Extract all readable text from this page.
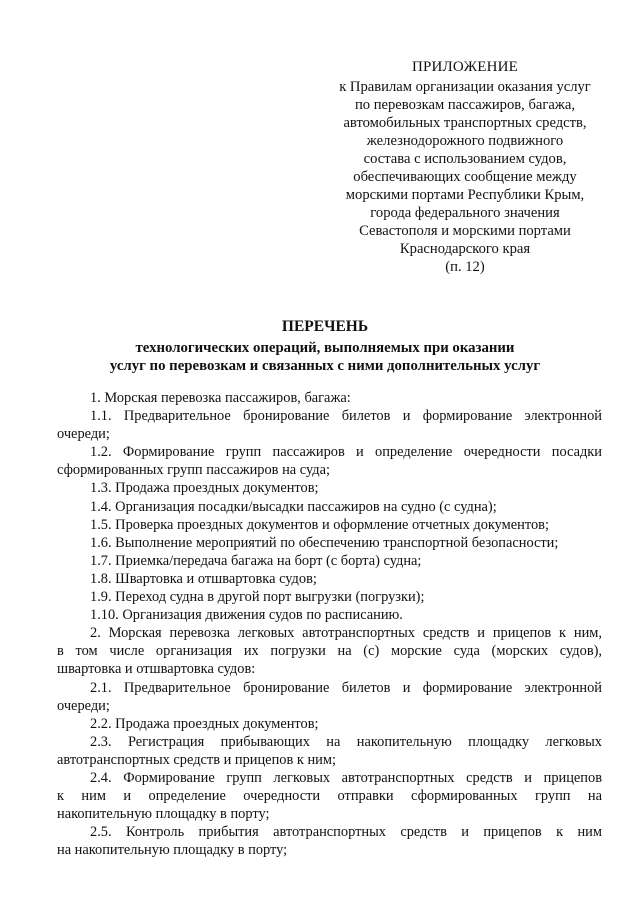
ПРИЛОЖЕНИЕ
к Правилам организации оказания услуг
по перевозкам пассажиров, багажа,
автомобильных транспортных средств,
железнодорожного подвижного
состава с использованием судов,
обеспечивающих сообщение между
морскими портами Республики Крым,
города федерального значения
Севастополя и морскими портами
Краснодарского края
(п. 12)
ПЕРЕЧЕНЬ
технологических операций, выполняемых при оказании
услуг по перевозкам и связанных с ними дополнительных услуг
1. Морская перевозка пассажиров, багажа:
1.1. Предварительное бронирование билетов и формирование электронной
очереди;
1.2. Формирование групп пассажиров и определение очередности посадки
сформированных групп пассажиров на суда;
1.3. Продажа проездных документов;
1.4. Организация посадки/высадки пассажиров на судно (с судна);
1.5. Проверка проездных документов и оформление отчетных документов;
1.6. Выполнение мероприятий по обеспечению транспортной безопасности;
1.7. Приемка/передача багажа на борт (с борта) судна;
1.8. Швартовка и отшвартовка судов;
1.9. Переход судна в другой порт выгрузки (погрузки);
1.10. Организация движения судов по расписанию.
2. Морская перевозка легковых автотранспортных средств и прицепов к ним,
в том числе организация их погрузки на (с) морские суда (морских судов),
швартовка и отшвартовка судов:
2.1. Предварительное бронирование билетов и формирование электронной
очереди;
2.2. Продажа проездных документов;
2.3. Регистрация прибывающих на накопительную площадку легковых
автотранспортных средств и прицепов к ним;
2.4. Формирование групп легковых автотранспортных средств и прицепов
к ним и определение очередности отправки сформированных групп на
накопительную площадку в порту;
2.5. Контроль прибытия автотранспортных средств и прицепов к ним
на накопительную площадку в порту;
